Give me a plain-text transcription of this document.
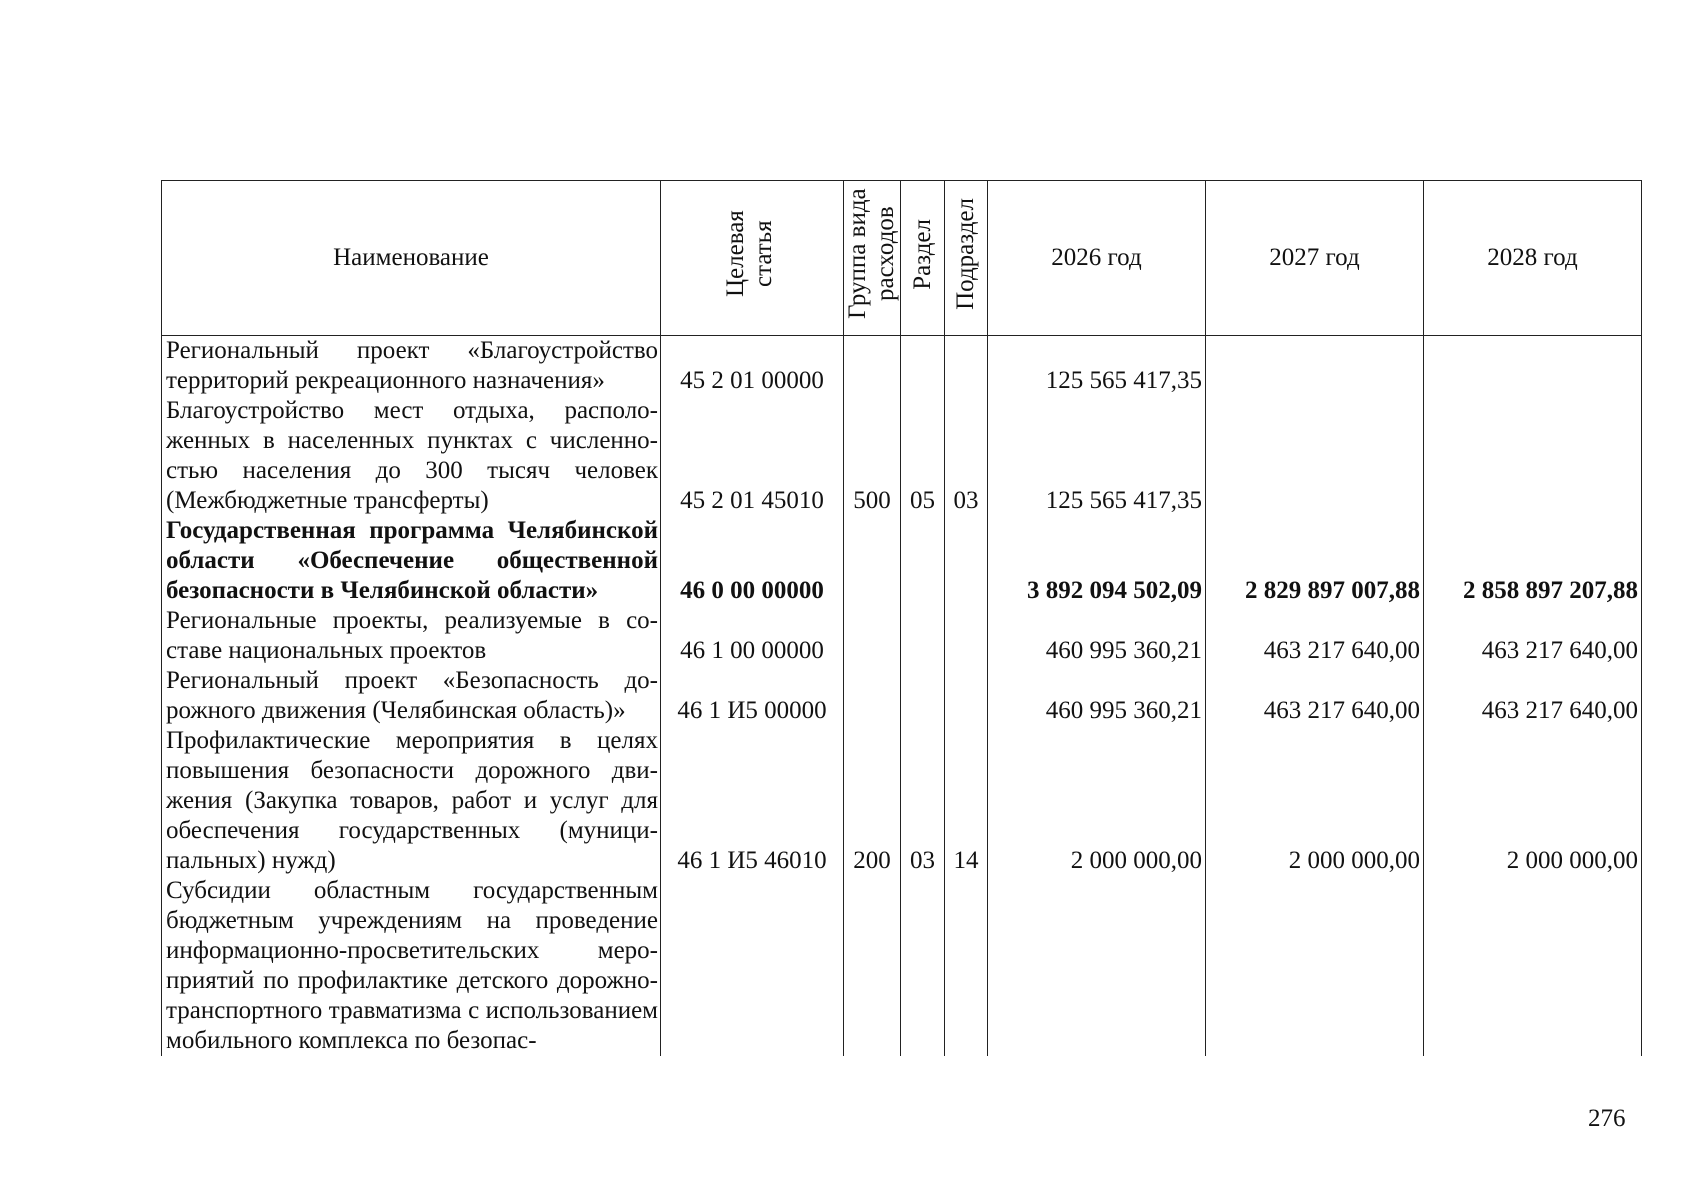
Наименование	Целевая статья	Группа вида расходов	Раздел	Подраздел	2026 год	2027 год	2028 год
Региональный проект «Благоустройство территорий рекреационного назначения»	45 2 01 00000				125 565 417,35		
Благоустройство мест отдыха, расположенных в населенных пунктах с численностью населения до 300 тысяч человек (Межбюджетные трансферты)	45 2 01 45010	500	05	03	125 565 417,35		
Государственная программа Челябинской области «Обеспечение общественной безопасности в Челябинской области»	46 0 00 00000				3 892 094 502,09	2 829 897 007,88	2 858 897 207,88
Региональные проекты, реализуемые в составе национальных проектов	46 1 00 00000				460 995 360,21	463 217 640,00	463 217 640,00
Региональный проект «Безопасность дорожного движения (Челябинская область)»	46 1 И5 00000				460 995 360,21	463 217 640,00	463 217 640,00
Профилактические мероприятия в целях повышения безопасности дорожного движения (Закупка товаров, работ и услуг для обеспечения государственных (муниципальных) нужд)	46 1 И5 46010	200	03	14	2 000 000,00	2 000 000,00	2 000 000,00
Субсидии областным государственным бюджетным учреждениям на проведение информационно-просветительских мероприятий по профилактике детского дорожно-транспортного травматизма с использованием мобильного комплекса по безопас-							
276
